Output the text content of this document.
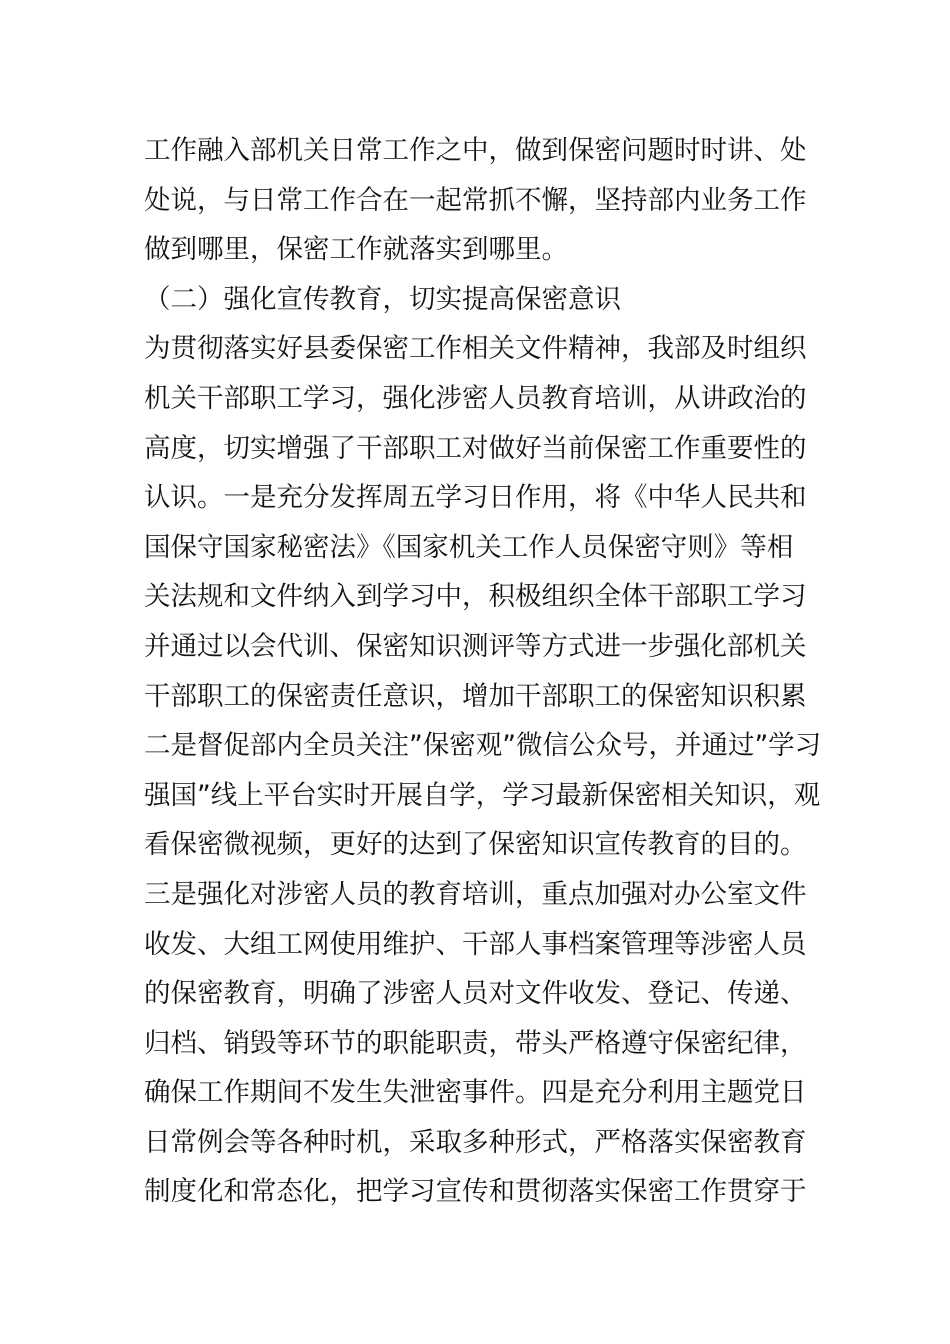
工作融入部机关日常工作之中，做到保密问题时时讲、处
处说，与日常工作合在一起常抓不懈，坚持部内业务工作
做到哪里，保密工作就落实到哪里。
（二）强化宣传教育，切实提高保密意识
为贯彻落实好县委保密工作相关文件精神，我部及时组织
机关干部职工学习，强化涉密人员教育培训，从讲政治的
高度，切实增强了干部职工对做好当前保密工作重要性的
认识。一是充分发挥周五学习日作用，将《中华人民共和
国保守国家秘密法》《国家机关工作人员保密守则》等相
关法规和文件纳入到学习中，积极组织全体干部职工学习
并通过以会代训、保密知识测评等方式进一步强化部机关
干部职工的保密责任意识，增加干部职工的保密知识积累
二是督促部内全员关注”保密观”微信公众号，并通过”学习
强国”线上平台实时开展自学，学习最新保密相关知识，观
看保密微视频，更好的达到了保密知识宣传教育的目的。
三是强化对涉密人员的教育培训，重点加强对办公室文件
收发、大组工网使用维护、干部人事档案管理等涉密人员
的保密教育，明确了涉密人员对文件收发、登记、传递、
归档、销毁等环节的职能职责，带头严格遵守保密纪律，
确保工作期间不发生失泄密事件。四是充分利用主题党日
日常例会等各种时机，采取多种形式，严格落实保密教育
制度化和常态化，把学习宣传和贯彻落实保密工作贯穿于
